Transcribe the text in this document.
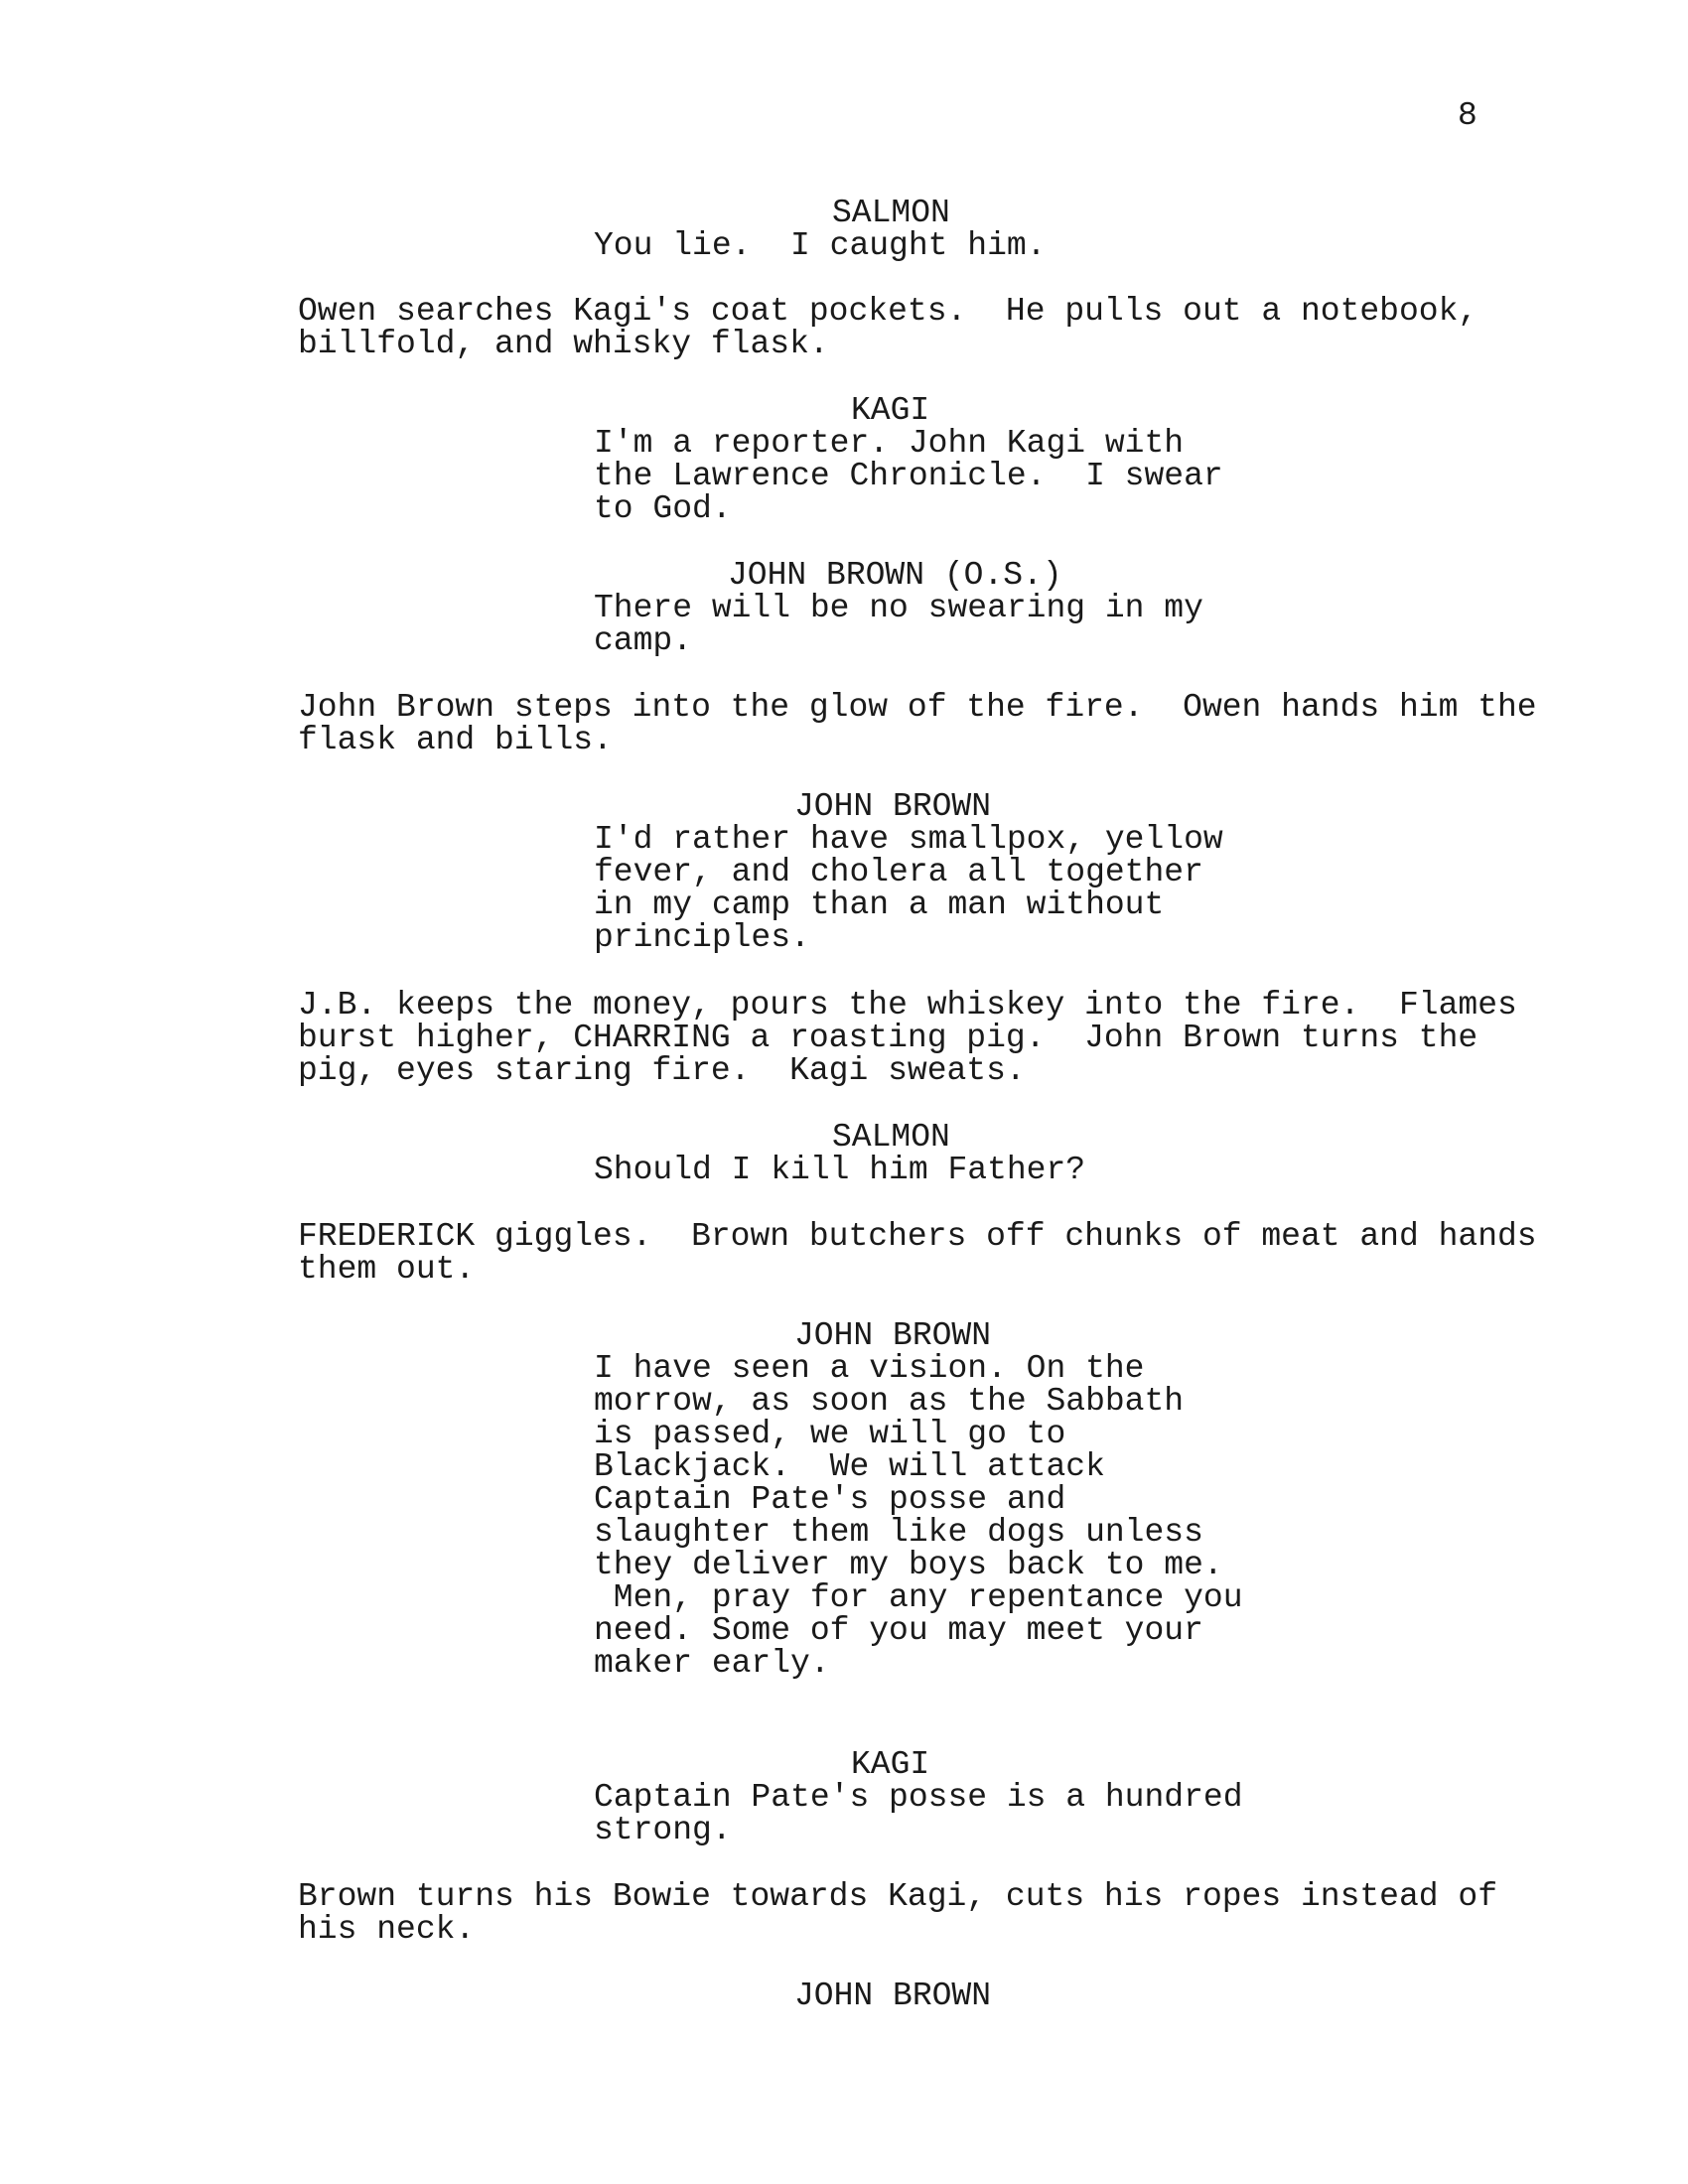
8
SALMON
You lie.  I caught him.
Owen searches Kagi's coat pockets.  He pulls out a notebook,
billfold, and whisky flask.
KAGI
I'm a reporter. John Kagi with
the Lawrence Chronicle.  I swear
to God.
JOHN BROWN (O.S.)
There will be no swearing in my
camp.
John Brown steps into the glow of the fire.  Owen hands him the
flask and bills.
JOHN BROWN
I'd rather have smallpox, yellow
fever, and cholera all together
in my camp than a man without
principles.
J.B. keeps the money, pours the whiskey into the fire.  Flames
burst higher, CHARRING a roasting pig.  John Brown turns the
pig, eyes staring fire.  Kagi sweats.
SALMON
Should I kill him Father?
FREDERICK giggles.  Brown butchers off chunks of meat and hands
them out.
JOHN BROWN
I have seen a vision. On the
morrow, as soon as the Sabbath
is passed, we will go to
Blackjack.  We will attack
Captain Pate's posse and
slaughter them like dogs unless
they deliver my boys back to me.
Men, pray for any repentance you
need. Some of you may meet your
maker early.
KAGI
Captain Pate's posse is a hundred
strong.
Brown turns his Bowie towards Kagi, cuts his ropes instead of
his neck.
JOHN BROWN
